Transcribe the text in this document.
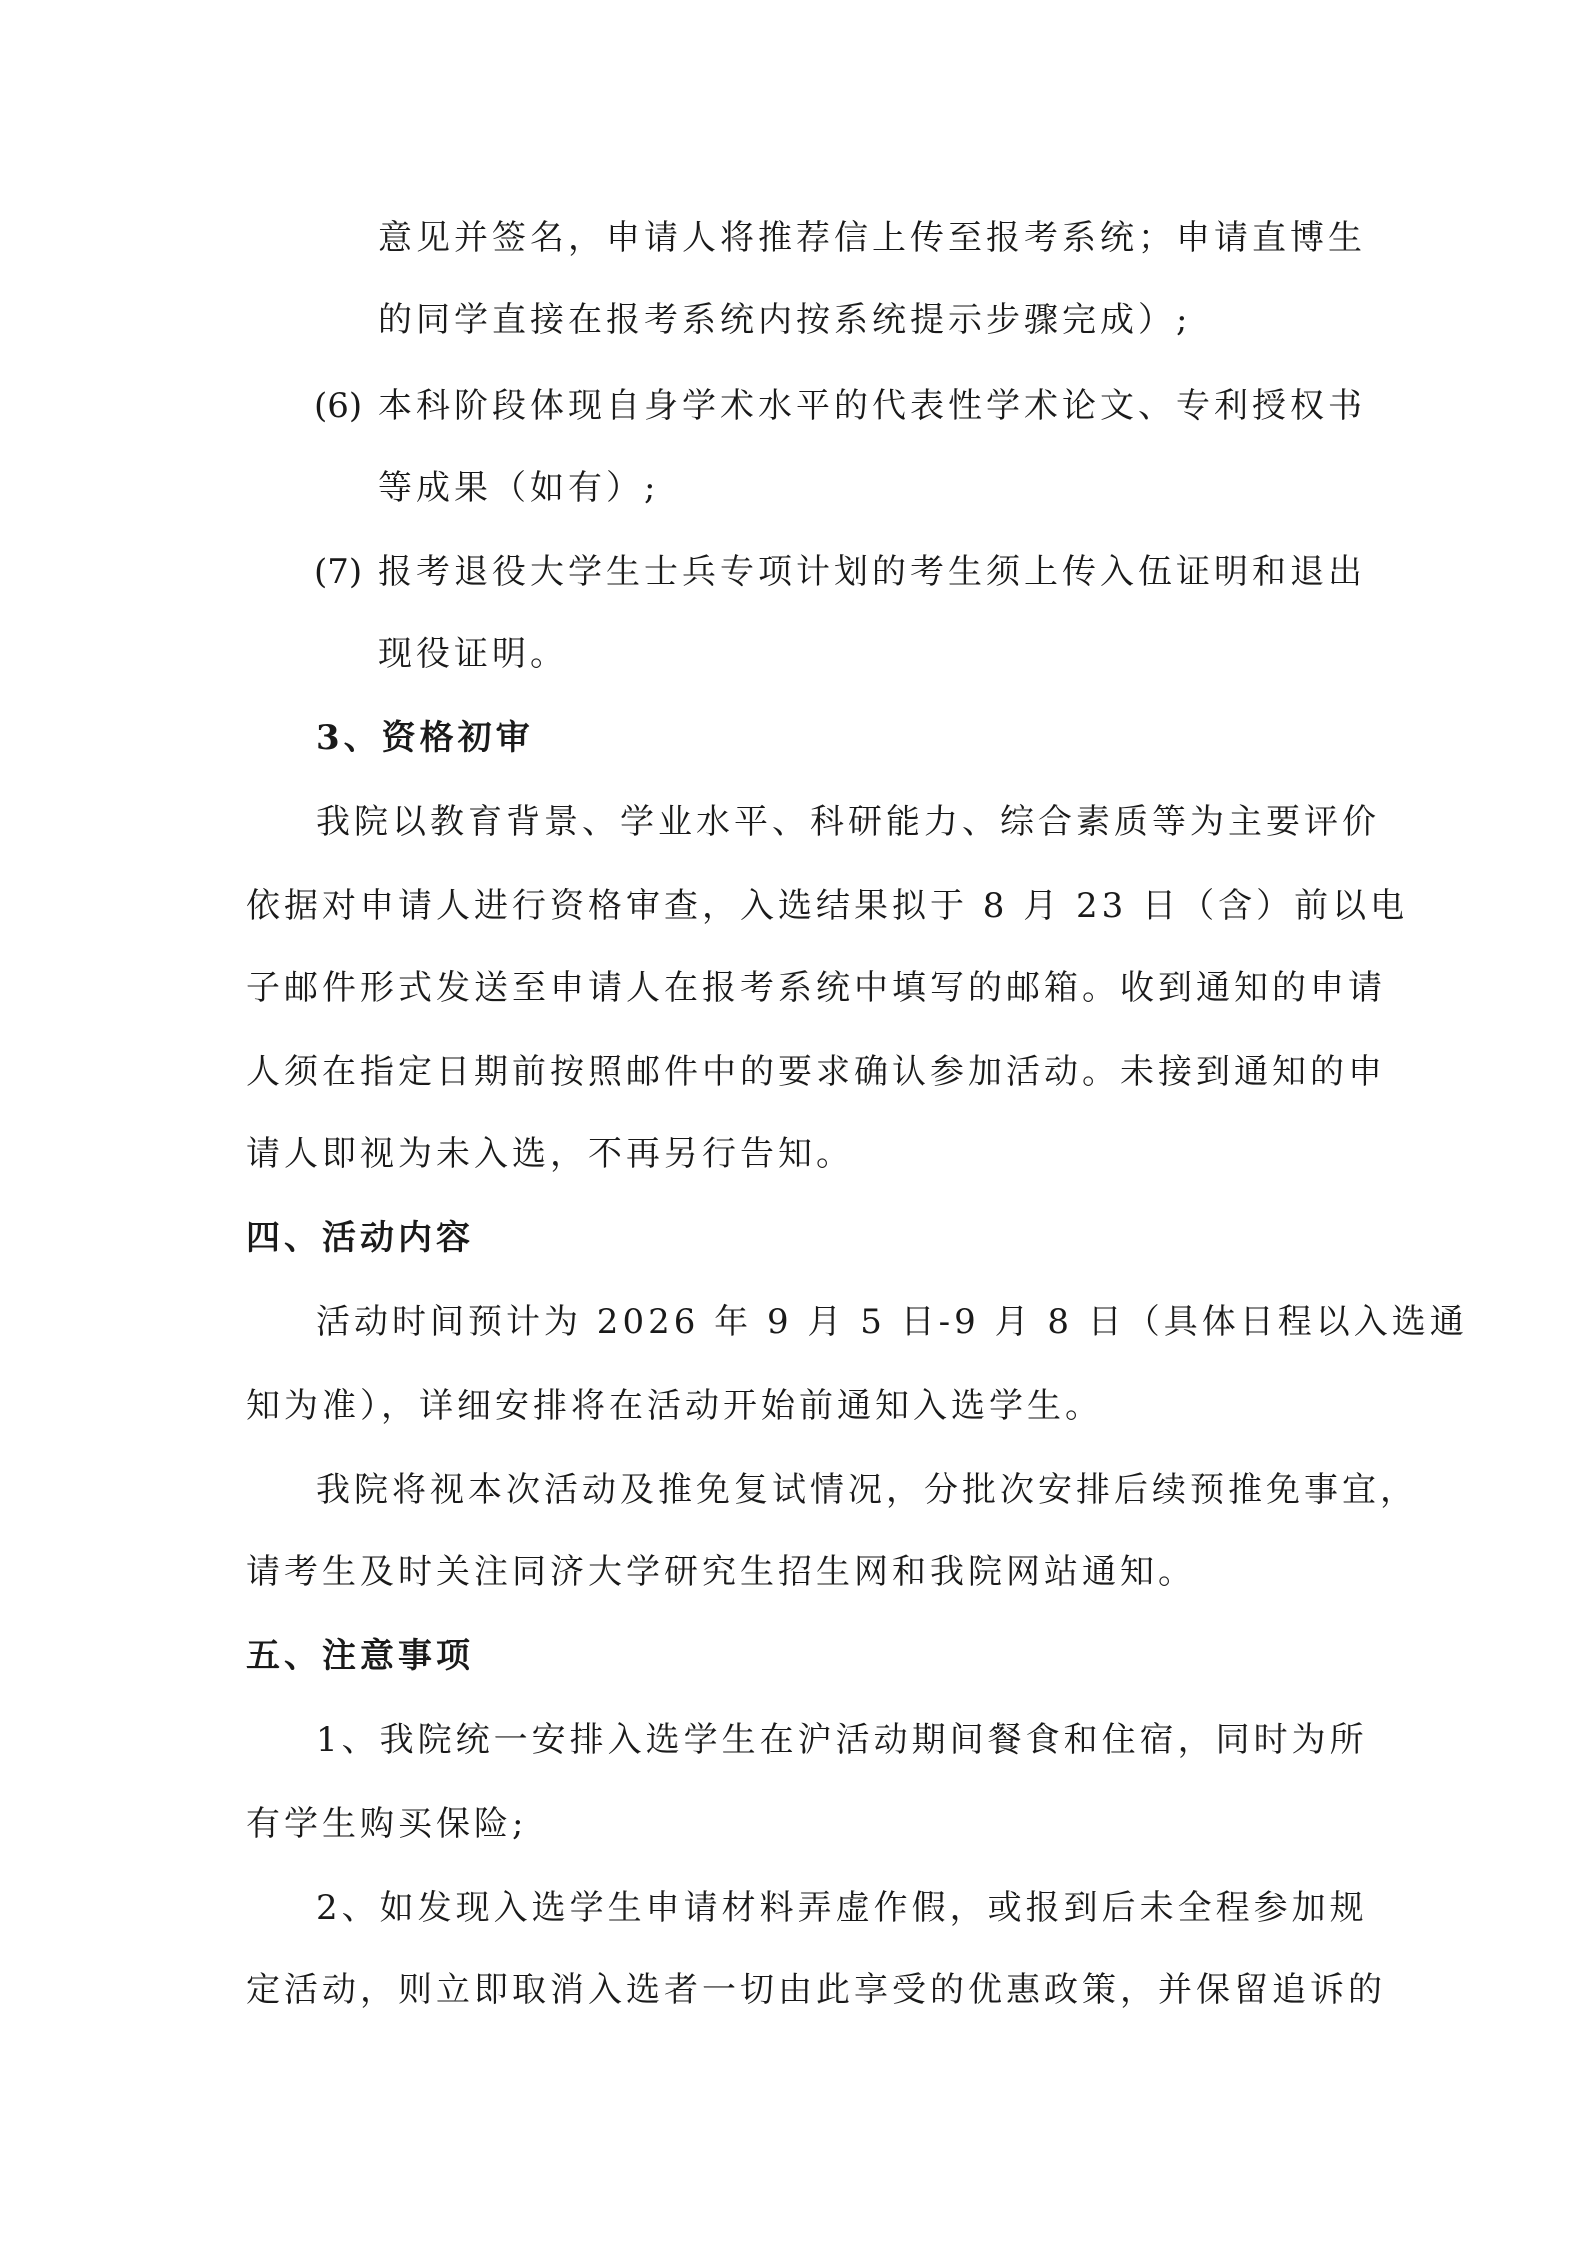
意见并签名，申请人将推荐信上传至报考系统；申请直博生
的同学直接在报考系统内按系统提示步骤完成）;
(6) 本科阶段体现自身学术水平的代表性学术论文、专利授权书
等成果（如有）;
(7) 报考退役大学生士兵专项计划的考生须上传入伍证明和退出
现役证明。
3、资格初审
我院以教育背景、学业水平、科研能力、综合素质等为主要评价
依据对申请人进行资格审查，入选结果拟于 8 月 23 日（含）前以电
子邮件形式发送至申请人在报考系统中填写的邮箱。收到通知的申请
人须在指定日期前按照邮件中的要求确认参加活动。未接到通知的申
请人即视为未入选，不再另行告知。
四、活动内容
活动时间预计为 2026 年 9 月 5 日-9 月 8 日（具体日程以入选通
知为准），详细安排将在活动开始前通知入选学生。
我院将视本次活动及推免复试情况，分批次安排后续预推免事宜，
请考生及时关注同济大学研究生招生网和我院网站通知。
五、注意事项
1、我院统一安排入选学生在沪活动期间餐食和住宿，同时为所
有学生购买保险;
2、如发现入选学生申请材料弄虚作假，或报到后未全程参加规
定活动，则立即取消入选者一切由此享受的优惠政策，并保留追诉的
